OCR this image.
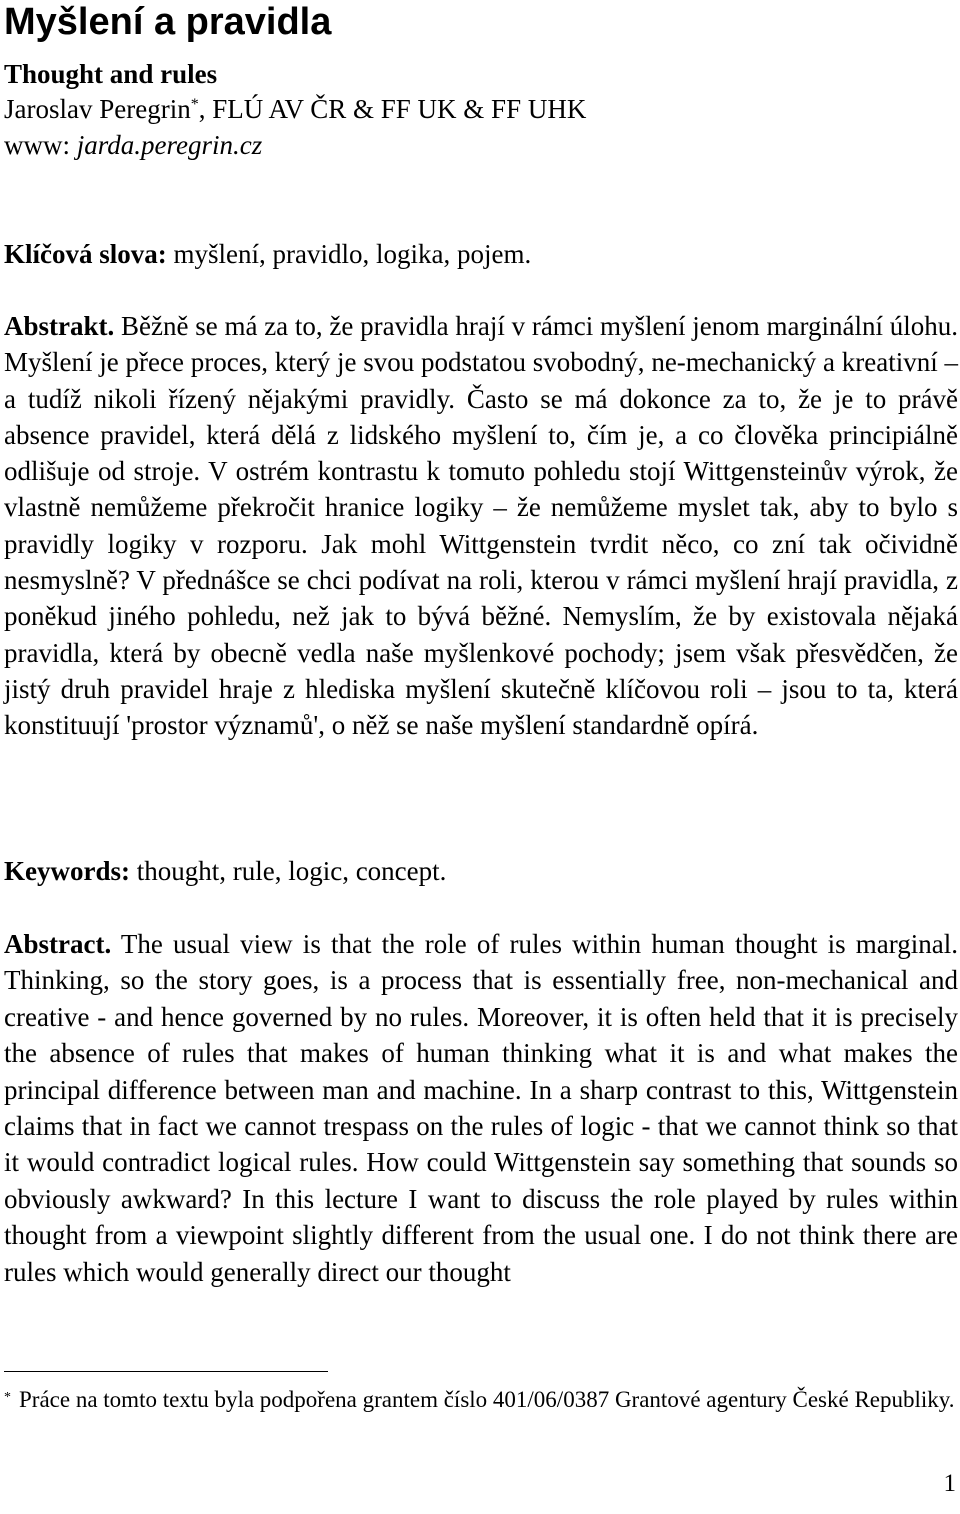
Myšlení a pravidla

Thought and rules

Jaroslav Peregrin*, FLÚ AV ČR & FF UK & FF UHK

www: jarda.peregrin.cz

Klíčová slova: myšlení, pravidlo, logika, pojem.

Abstrakt. Běžně se má za to, že pravidla hrají v rámci myšlení jenom marginální úlohu. Myšlení je přece proces, který je svou podstatou svobodný, ne-mechanický a kreativní – a tudíž nikoli řízený nějakými pravidly. Často se má dokonce za to, že je to právě absence pravidel, která dělá z lidského myšlení to, čím je, a co člověka principiálně odlišuje od stroje. V ostrém kontrastu k tomuto pohledu stojí Wittgensteinův výrok, že vlastně nemůžeme překročit hranice logiky – že nemůžeme myslet tak, aby to bylo s pravidly logiky v rozporu. Jak mohl Wittgenstein tvrdit něco, co zní tak očividně nesmyslně? V přednášce se chci podívat na roli, kterou v rámci myšlení hrají pravidla, z poněkud jiného pohledu, než jak to bývá běžné. Nemyslím, že by existovala nějaká pravidla, která by obecně vedla naše myšlenkové pochody; jsem však přesvědčen, že jistý druh pravidel hraje z hlediska myšlení skutečně klíčovou roli – jsou to ta, která konstituují 'prostor významů', o něž se naše myšlení standardně opírá.

Keywords: thought, rule, logic, concept.

Abstract. The usual view is that the role of rules within human thought is marginal. Thinking, so the story goes, is a process that is essentially free, non-mechanical and creative - and hence governed by no rules. Moreover, it is often held that it is precisely the absence of rules that makes of human thinking what it is and what makes the principal difference between man and machine. In a sharp contrast to this, Wittgenstein claims that in fact we cannot trespass on the rules of logic - that we cannot think so that it would contradict logical rules. How could Wittgenstein say something that sounds so obviously awkward? In this lecture I want to discuss the role played by rules within thought from a viewpoint slightly different from the usual one. I do not think there are rules which would generally direct our thought

* Práce na tomto textu byla podpořena grantem číslo 401/06/0387 Grantové agentury České Republiky.

1
